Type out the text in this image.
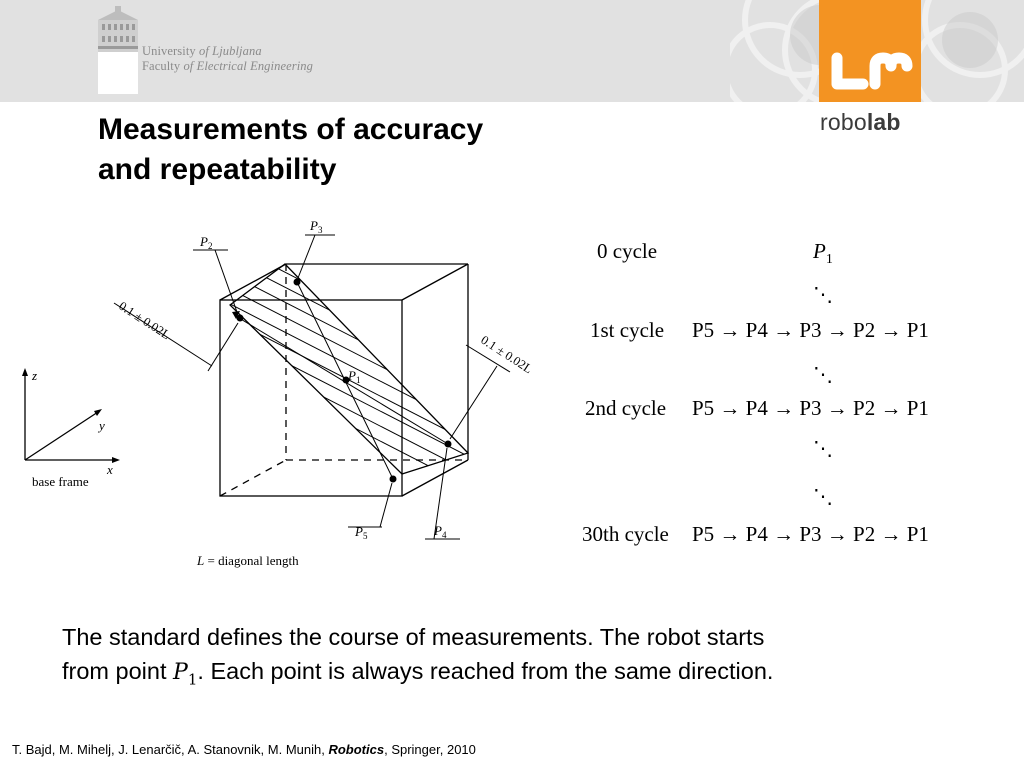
University of Ljubljana
Faculty of Electrical Engineering
robolab
Measurements of accuracy
and repeatability
z
y
x
base frame
$P_2$
$P_3$
$P_1$
$P_5$	$P_4$
0.1 ± 0.02L
0.1 ± 0.02L
L = diagonal length
0 cycle	$P_1$
⋱
1st cycle P5 → P4 → P3 → P2 → P1
⋱
2nd cycle P5 → P4 → P3 → P2 → P1
⋱
⋱
30th cycle P5 → P4 → P3 → P2 → P1
The standard defines the course of measurements. The robot starts
from point $P_1$. Each point is always reached from the same direction.
T. Bajd, M. Mihelj, J. Lenarčič, A. Stanovnik, M. Munih, Robotics, Springer, 2010
